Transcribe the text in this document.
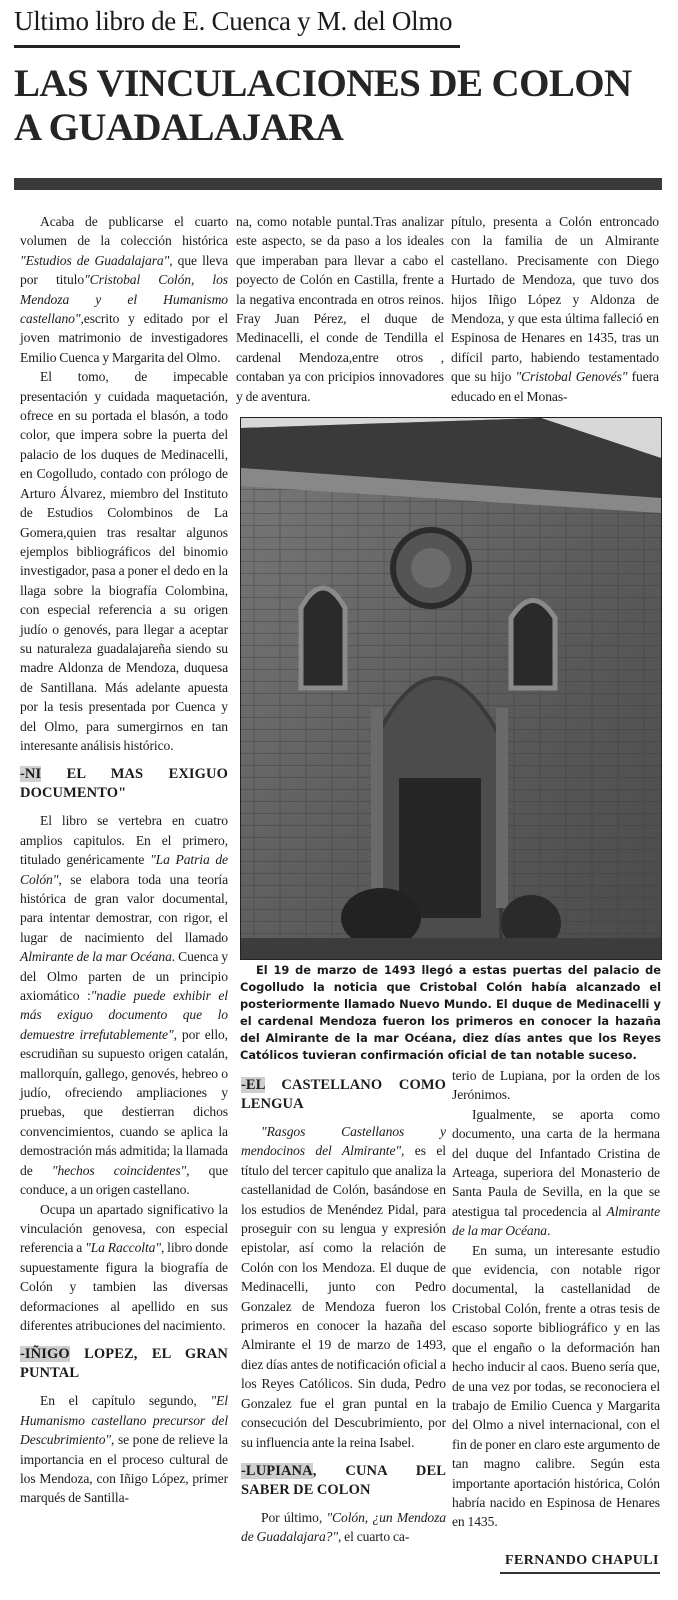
Ultimo libro de E. Cuenca y M. del Olmo
LAS VINCULACIONES DE COLON
A GUADALAJARA

Acaba de publicarse el cuarto volumen de la colección histórica "Estudios de Guadalajara", que lleva por titulo"Cristobal Colón, los Mendoza y el Humanismo castellano",escrito y editado por el joven matrimonio de investigadores Emilio Cuenca y Margarita del Olmo.

El tomo, de impecable presentación y cuidada maquetación, ofrece en su portada el blasón, a todo color, que impera sobre la puerta del palacio de los duques de Medinacelli, en Cogolludo, contado con prólogo de Arturo Álvarez, miembro del Instituto de Estudios Colombinos de La Gomera,quien tras resaltar algunos ejemplos bibliográficos del binomio investigador, pasa a poner el dedo en la llaga sobre la biografía Colombina, con especial referencia a su origen judío o genovés, para llegar a aceptar su naturaleza guadalajareña siendo su madre Aldonza de Mendoza, duquesa de Santillana. Más adelante apuesta por la tesis presentada por Cuenca y del Olmo, para sumergirnos en tan interesante análisis histórico.

-NI EL MAS EXIGUO DOCUMENTO"

El libro se vertebra en cuatro amplios capitulos. En el primero, titulado genéricamente "La Patria de Colón", se elabora toda una teoría histórica de gran valor documental, para intentar demostrar, con rigor, el lugar de nacimiento del llamado Almirante de la mar Océana. Cuenca y del Olmo parten de un principio axiomático :"nadie puede exhibir el más exiguo documento que lo demuestre irrefutablemente", por ello, escrudiñan su supuesto origen catalán, mallorquín, gallego, genovés, hebreo o judío, ofreciendo ampliaciones y pruebas, que destierran dichos convencimientos, cuando se aplica la demostración más admitida; la llamada de "hechos coincidentes", que conduce, a un origen castellano.

Ocupa un apartado significativo la vinculación genovesa, con especial referencia a "La Raccolta", libro donde supuestamente figura la biografía de Colón y tambien las diversas deformaciones al apellido en sus diferentes atribuciones del nacimiento.

-IÑIGO LOPEZ, EL GRAN PUNTAL

En el capítulo segundo, "El Humanismo castellano precursor del Descubrimiento", se pone de relieve la importancia en el proceso cultural de los Mendoza, con Iñigo López, primer marqués de Santilla-

na, como notable puntal.Tras analizar este aspecto, se da paso a los ideales que imperaban para llevar a cabo el poyecto de Colón en Castilla, frente a la negativa encontrada en otros reinos. Fray Juan Pérez, el duque de Medinacelli, el conde de Tendilla el cardenal Mendoza,entre otros , contaban ya con pricipios innovadores y de aventura.

pítulo, presenta a Colón entroncado con la familia de un Almirante castellano. Precisamente con Diego Hurtado de Mendoza, que tuvo dos hijos Iñigo López y Aldonza de Mendoza, y que esta última falleció en Espinosa de Henares en 1435, tras un difícil parto, habiendo testamentado que su hijo "Cristobal Genovés" fuera educado en el Monas-

El 19 de marzo de 1493 llegó a estas puertas del palacio de Cogolludo la noticia que Cristobal Colón había alcanzado el posteriormente llamado Nuevo Mundo. El duque de Medinacelli y el cardenal Mendoza fueron los primeros en conocer la hazaña del Almirante de la mar Océana, diez días antes que los Reyes Católicos tuvieran confirmación oficial de tan notable suceso.

-EL CASTELLANO COMO LENGUA

"Rasgos Castellanos y mendocinos del Almirante", es el título del tercer capitulo que analiza la castellanidad de Colón, basándose en los estudios de Menéndez Pidal, para proseguir con su lengua y expresión epistolar, así como la relación de Colón con los Mendoza. El duque de Medinacelli, junto con Pedro Gonzalez de Mendoza fueron los primeros en conocer la hazaña del Almirante el 19 de marzo de 1493, diez días antes de notificación oficial a los Reyes Católicos. Sin duda, Pedro Gonzalez fue el gran puntal en la consecución del Descubrimiento, por su influencia ante la reina Isabel.

-LUPIANA, CUNA DEL SABER DE COLON

Por último, "Colón, ¿un Mendoza de Guadalajara?", el cuarto ca-

terio de Lupiana, por la orden de los Jerónimos.

Igualmente, se aporta como documento, una carta de la hermana del duque del Infantado Cristina de Arteaga, superiora del Monasterio de Santa Paula de Sevilla, en la que se atestigua tal procedencia al Almirante de la mar Océana.

En suma, un interesante estudio que evidencia, con notable rigor documental, la castellanidad de Cristobal Colón, frente a otras tesis de escaso soporte bibliográfico y en las que el engaño o la deformación han hecho inducir al caos. Bueno sería que, de una vez por todas, se reconociera el trabajo de Emilio Cuenca y Margarita del Olmo a nivel internacional, con el fin de poner en claro este argumento de tan magno calibre. Según esta importante aportación histórica, Colón habría nacido en Espinosa de Henares en 1435.

FERNANDO CHAPULI
